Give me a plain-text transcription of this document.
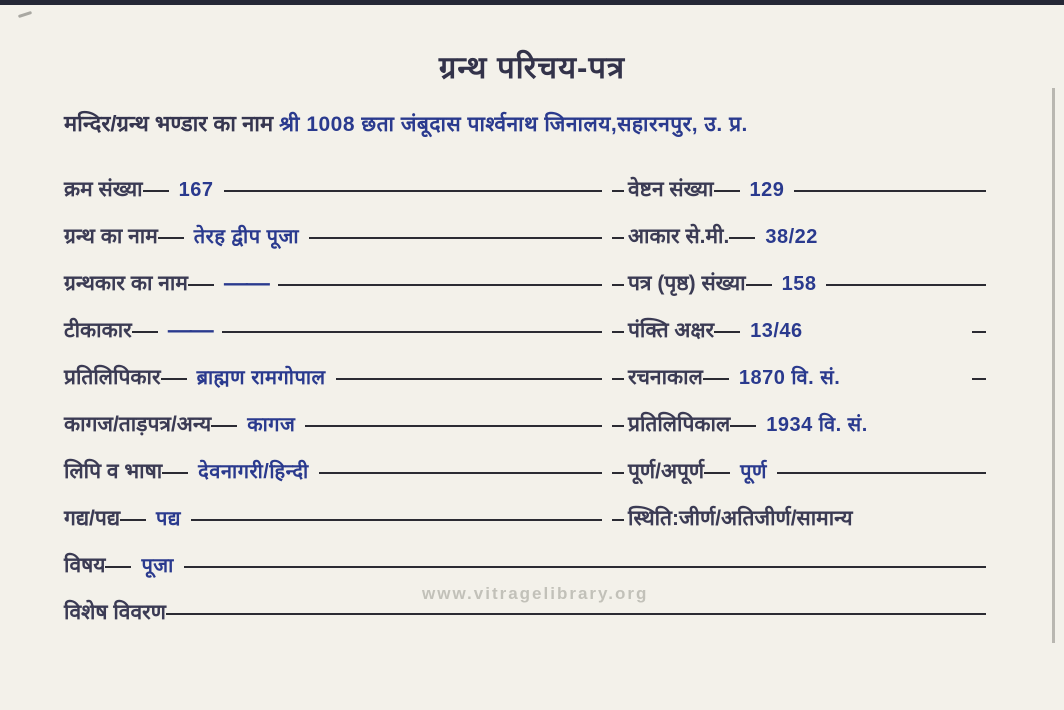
ग्रन्थ परिचय-पत्र
मन्दिर/ग्रन्थ भण्डार का नाम श्री 1008 छता जंबूदास पार्श्वनाथ जिनालय,सहारनपुर, उ. प्र.
क्रम संख्या 167	वेष्टन संख्या 129
ग्रन्थ का नाम तेरह द्वीप पूजा	आकार से.मी. 38/22
ग्रन्थकार का नाम ——	पत्र (पृष्ठ) संख्या 158
टीकाकार ——	पंक्ति अक्षर 13/46
प्रतिलिपिकार ब्राह्मण रामगोपाल	रचनाकाल 1870 वि. सं.
कागज/ताड़पत्र/अन्य कागज	प्रतिलिपिकाल 1934 वि. सं.
लिपि व भाषा देवनागरी/हिन्दी	पूर्ण/अपूर्ण पूर्ण
गद्य/पद्य पद्य	स्थिति:जीर्ण/अतिजीर्ण/सामान्य
विषय पूजा
विशेष विवरण
www.vitragelibrary.org
